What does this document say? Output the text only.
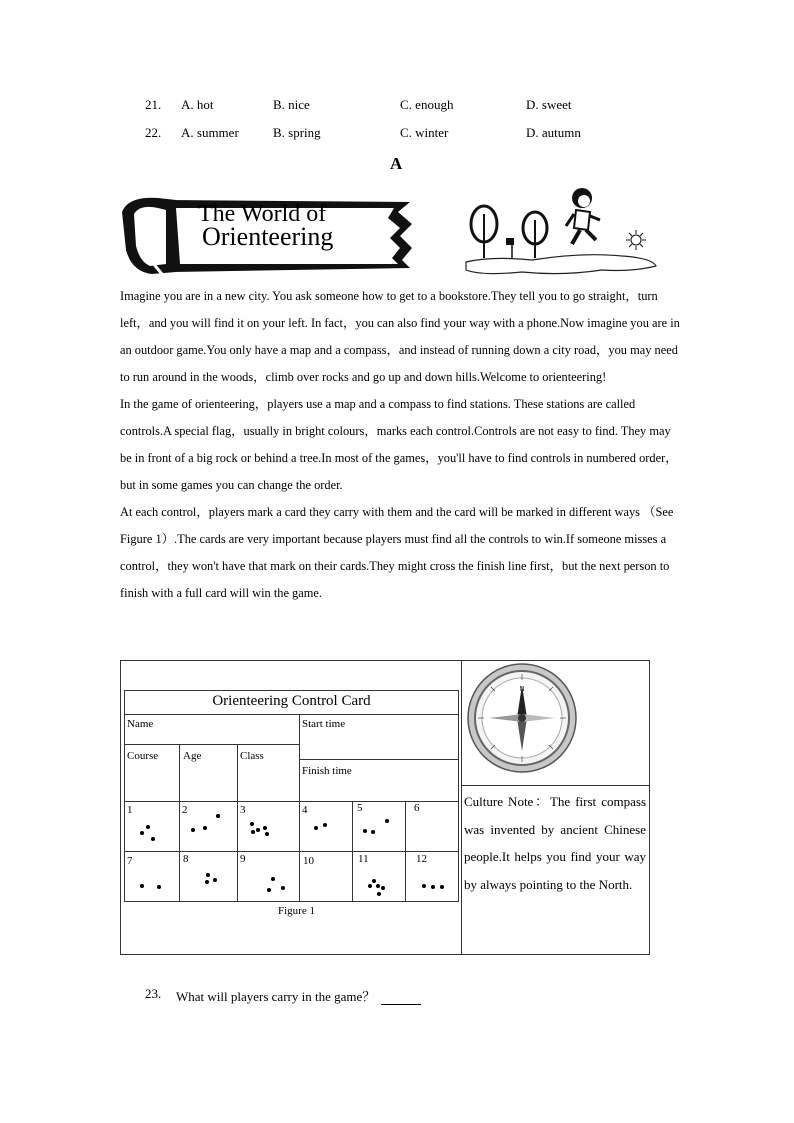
21. A. hot	B. nice	C. enough	D. sweet
22. A. summer	B. spring	C. winter	D. autumn
A
The World of
Orienteering

Imagine you are in a new city. You ask someone how to get to a bookstore.They tell you to go straight，turn left，and you will find it on your left. In fact，you can also find your way with a phone.Now imagine you are in an outdoor game.You only have a map and a compass，and instead of running down a city road，you may need to run around in the woods，climb over rocks and go up and down hills.Welcome to orienteering!

In the game of orienteering，players use a map and a compass to find stations. These stations are called controls.A special flag，usually in bright colours，marks each control.Controls are not easy to find. They may be in front of a big rock or behind a tree.In most of the games，you'll have to find controls in numbered order，but in some games you can change the order.

At each control，players mark a card they carry with them and the card will be marked in different ways （See Figure 1）.The cards are very important because players must find all the controls to win.If someone misses a control，they won't have that mark on their cards.They might cross the finish line first，but the next person to finish with a full card will win the game.

Orienteering Control Card
Name	Start time
Course Age	Class
Finish time
1	2	3	4	5	6
7	8	9	10	11	12
Figure 1
N
Culture Note：The first compass was invented by ancient Chinese people.It helps you find your way by always pointing to the North.
23. What will players carry in the game？
